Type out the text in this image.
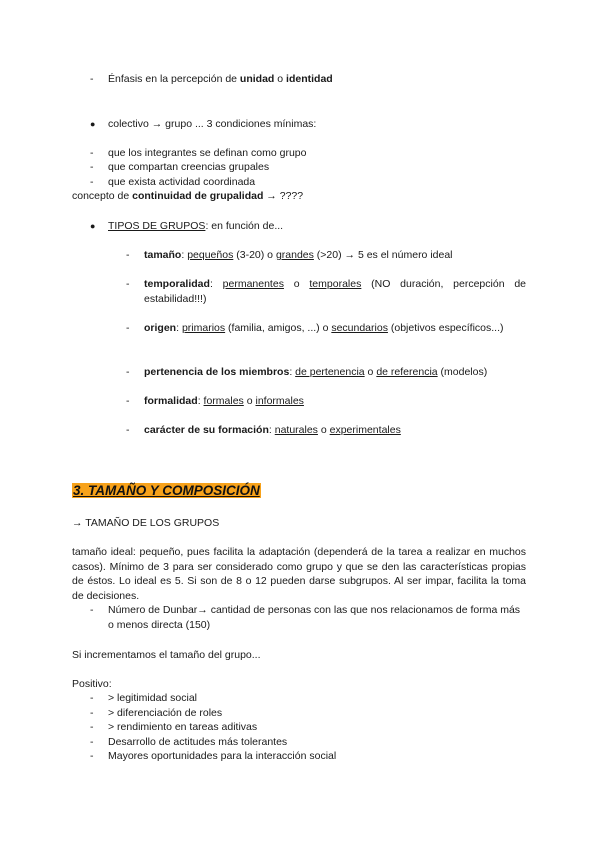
- Énfasis en la percepción de unidad o identidad
● colectivo → grupo ... 3 condiciones mínimas:
- que los integrantes se definan como grupo
- que compartan creencias grupales
- que exista actividad coordinada
concepto de continuidad de grupalidad → ????
● TIPOS DE GRUPOS: en función de...
- tamaño: pequeños (3-20) o grandes (>20) → 5 es el número ideal
- temporalidad: permanentes o temporales (NO duración, percepción de estabilidad!!!)
- origen: primarios (familia, amigos, ...) o secundarios (objetivos específicos...)
- pertenencia de los miembros: de pertenencia o de referencia (modelos)
- formalidad: formales o informales
- carácter de su formación: naturales o experimentales
3. TAMAÑO Y COMPOSICIÓN
→ TAMAÑO DE LOS GRUPOS
tamaño ideal: pequeño, pues facilita la adaptación (dependerá de la tarea a realizar en muchos casos). Mínimo de 3 para ser considerado como grupo y que se den las características propias de éstos. Lo ideal es 5. Si son de 8 o 12 pueden darse subgrupos. Al ser impar, facilita la toma de decisiones.
- Número de Dunbar→ cantidad de personas con las que nos relacionamos de forma más o menos directa (150)
Si incrementamos el tamaño del grupo...
Positivo:
- > legitimidad social
- > diferenciación de roles
- > rendimiento en tareas aditivas
- Desarrollo de actitudes más tolerantes
- Mayores oportunidades para la interacción social
